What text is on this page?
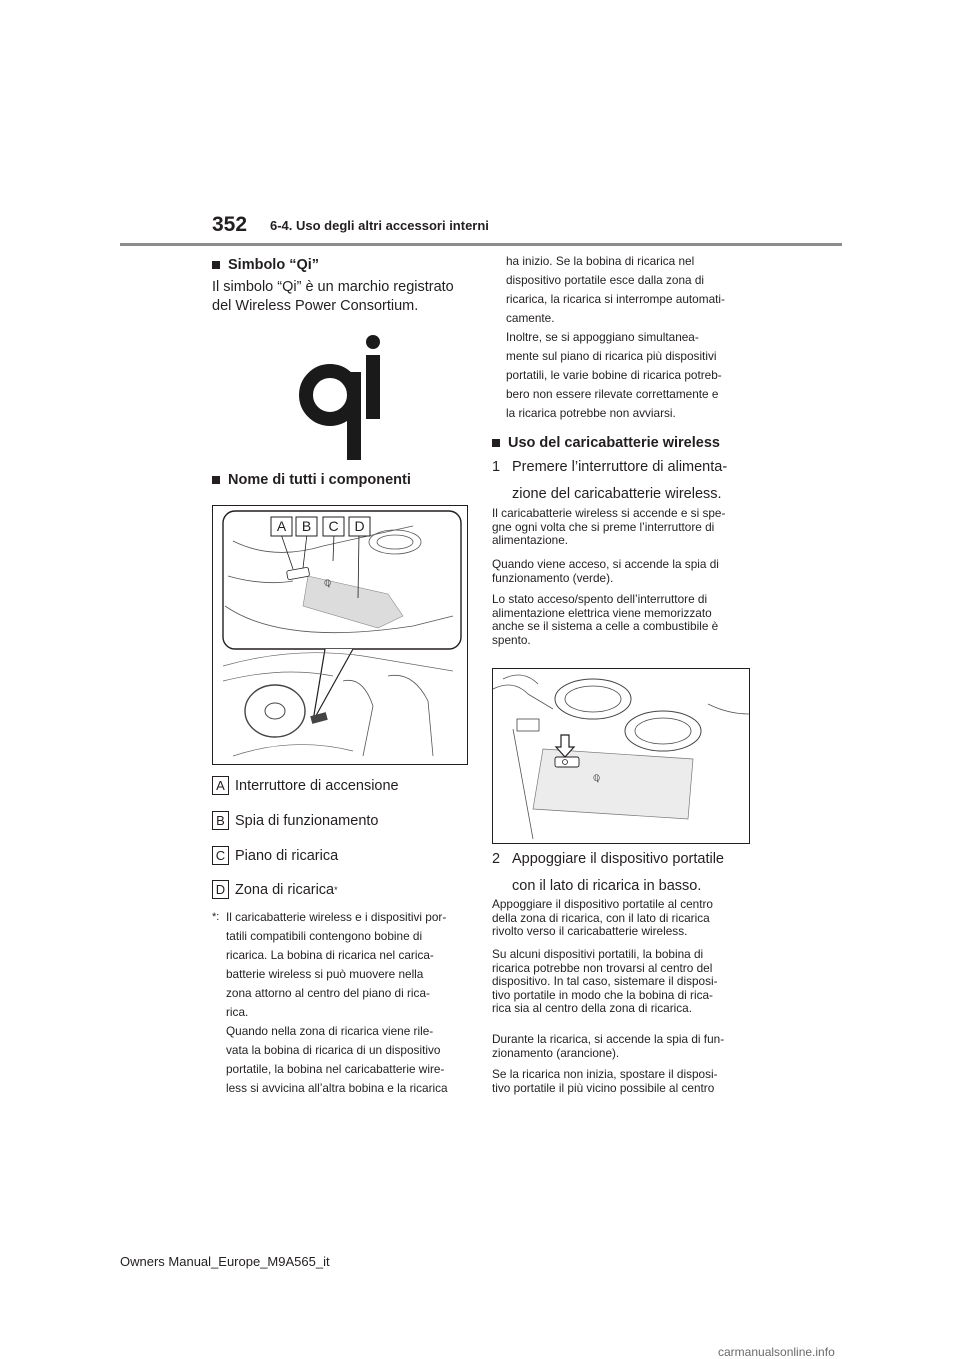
352 6-4. Uso degli altri accessori interni
Simbolo “Qi”
Il simbolo “Qi” è un marchio registrato
del Wireless Power Consortium.
Nome di tutti i componenti
ℚ
A B C D
A Interruttore di accensione
B Spia di funzionamento
C Piano di ricarica
D Zona di ricarica *
*: Il caricabatterie wireless e i dispositivi por-
tatili compatibili contengono bobine di
ricarica. La bobina di ricarica nel carica-
batterie wireless si può muovere nella
zona attorno al centro del piano di rica-
rica.
Quando nella zona di ricarica viene rile-
vata la bobina di ricarica di un dispositivo
portatile, la bobina nel caricabatterie wire-
less si avvicina all’altra bobina e la ricarica
ha inizio. Se la bobina di ricarica nel
dispositivo portatile esce dalla zona di
ricarica, la ricarica si interrompe automati-
camente.
Inoltre, se si appoggiano simultanea-
mente sul piano di ricarica più dispositivi
portatili, le varie bobine di ricarica potreb-
bero non essere rilevate correttamente e
la ricarica potrebbe non avviarsi.
Uso del caricabatterie wireless
1 Premere l’interruttore di alimenta-
zione del caricabatterie wireless.
Il caricabatterie wireless si accende e si spe-
gne ogni volta che si preme l’interruttore di
alimentazione.
Quando viene acceso, si accende la spia di
funzionamento (verde).
Lo stato acceso/spento dell’interruttore di
alimentazione elettrica viene memorizzato
anche se il sistema a celle a combustibile è
spento.
ℚ
2 Appoggiare il dispositivo portatile
con il lato di ricarica in basso.
Appoggiare il dispositivo portatile al centro
della zona di ricarica, con il lato di ricarica
rivolto verso il caricabatterie wireless.
Su alcuni dispositivi portatili, la bobina di
ricarica potrebbe non trovarsi al centro del
dispositivo. In tal caso, sistemare il disposi-
tivo portatile in modo che la bobina di rica-
rica sia al centro della zona di ricarica.
Durante la ricarica, si accende la spia di fun-
zionamento (arancione).
Se la ricarica non inizia, spostare il disposi-
tivo portatile il più vicino possibile al centro
Owners Manual_Europe_M9A565_it
carmanualsonline.info
